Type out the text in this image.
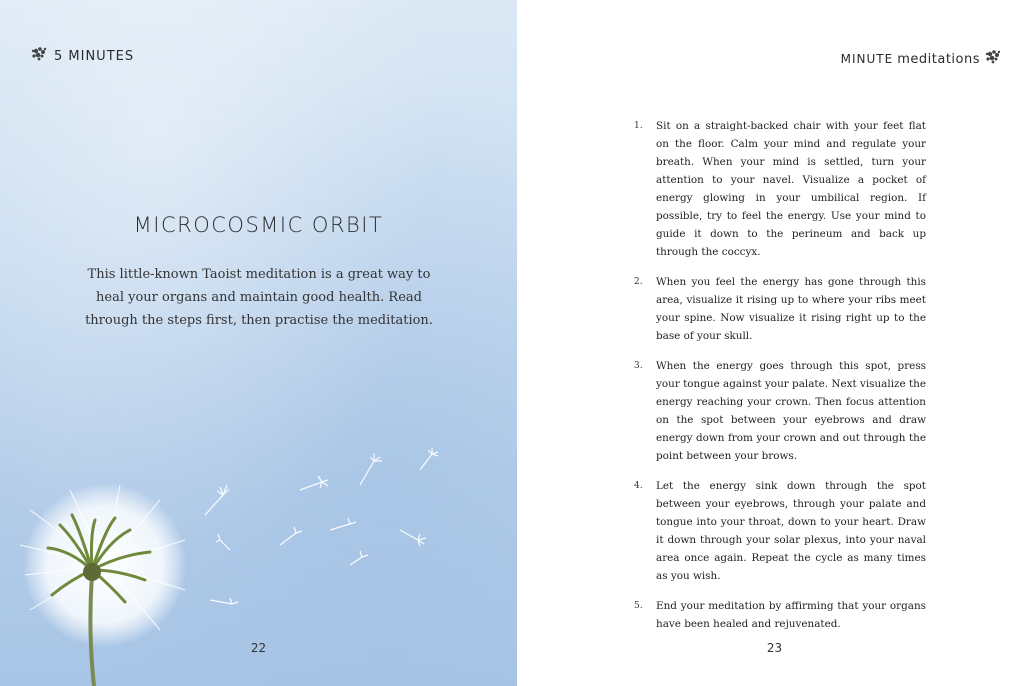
5 MINUTES
MICROCOSMIC ORBIT
This little-known Taoist meditation is a great way to heal your organs and maintain good health. Read through the steps first, then practise the meditation.
22
MINUTE meditations
1. Sit on a straight-backed chair with your feet flat on the floor. Calm your mind and regulate your breath. When your mind is settled, turn your attention to your navel. Visualize a pocket of energy glowing in your umbilical region. If possible, try to feel the energy. Use your mind to guide it down to the perineum and back up through the coccyx.
2. When you feel the energy has gone through this area, visualize it rising up to where your ribs meet your spine. Now visualize it rising right up to the base of your skull.
3. When the energy goes through this spot, press your tongue against your palate. Next visualize the energy reaching your crown. Then focus attention on the spot between your eyebrows and draw energy down from your crown and out through the point between your brows.
4. Let the energy sink down through the spot between your eyebrows, through your palate and tongue into your throat, down to your heart. Draw it down through your solar plexus, into your naval area once again. Repeat the cycle as many times as you wish.
5. End your meditation by affirming that your organs have been healed and rejuvenated.
23
